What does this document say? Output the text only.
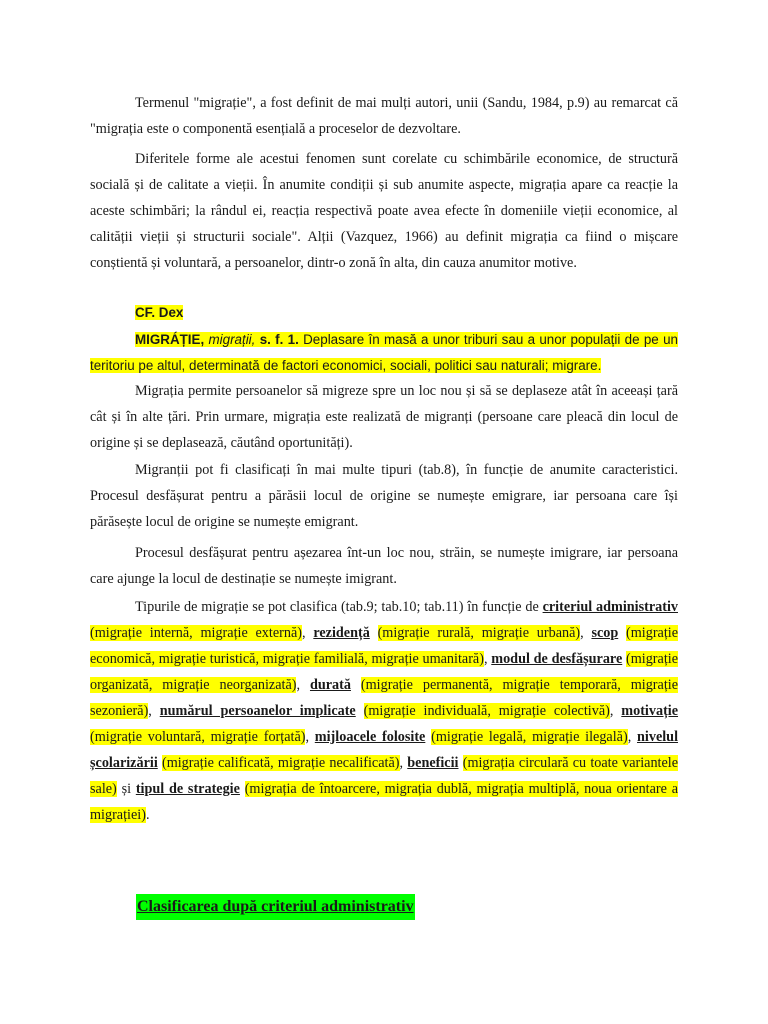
Termenul "migrație", a fost definit de mai mulți autori, unii (Sandu, 1984, p.9) au remarcat că "migrația este o componentă esențială a proceselor de dezvoltare.

Diferitele forme ale acestui fenomen sunt corelate cu schimbările economice, de structură socială și de calitate a vieții. În anumite condiții și sub anumite aspecte, migrația apare ca reacție la aceste schimbări; la rândul ei, reacția respectivă poate avea efecte în domeniile vieții economice, al calității vieții și structurii sociale". Alții (Vazquez, 1966) au definit migrația ca fiind o mișcare conștientă și voluntară, a persoanelor, dintr-o zonă în alta, din cauza anumitor motive.

CF. Dex

MIGRÁȚIE, migrații, s. f. 1. Deplasare în masă a unor triburi sau a unor populații de pe un teritoriu pe altul, determinată de factori economici, sociali, politici sau naturali; migrare.

Migrația permite persoanelor să migreze spre un loc nou și să se deplaseze atât în aceeași țară cât și în alte țări. Prin urmare, migrația este realizată de migranți (persoane care pleacă din locul de origine și se deplasează, căutând oportunități).

Migranții pot fi clasificați în mai multe tipuri (tab.8), în funcție de anumite caracteristici. Procesul desfășurat pentru a părăsii locul de origine se numește emigrare, iar persoana care își părăsește locul de origine se numește emigrant.

Procesul desfășurat pentru așezarea înt-un loc nou, străin, se numește imigrare, iar persoana care ajunge la locul de destinație se numește imigrant.

Tipurile de migrație se pot clasifica (tab.9; tab.10; tab.11) în funcție de criteriul administrativ (migrație internă, migrație externă), rezidență (migrație rurală, migrație urbană), scop (migrație economică, migrație turistică, migrație familială, migrație umanitară), modul de desfășurare (migrație organizată, migrație neorganizată), durată (migrație permanentă, migrație temporară, migrație sezonieră), numărul persoanelor implicate (migrație individuală, migrație colectivă), motivație (migrație voluntară, migrație forțată), mijloacele folosite (migrație legală, migrație ilegală), nivelul școlarizării (migrație calificată, migrație necalificată), beneficii (migrația circulară cu toate variantele sale) și tipul de strategie (migrația de întoarcere, migrația dublă, migrația multiplă, noua orientare a migrației).

Clasificarea după criteriul administrativ
